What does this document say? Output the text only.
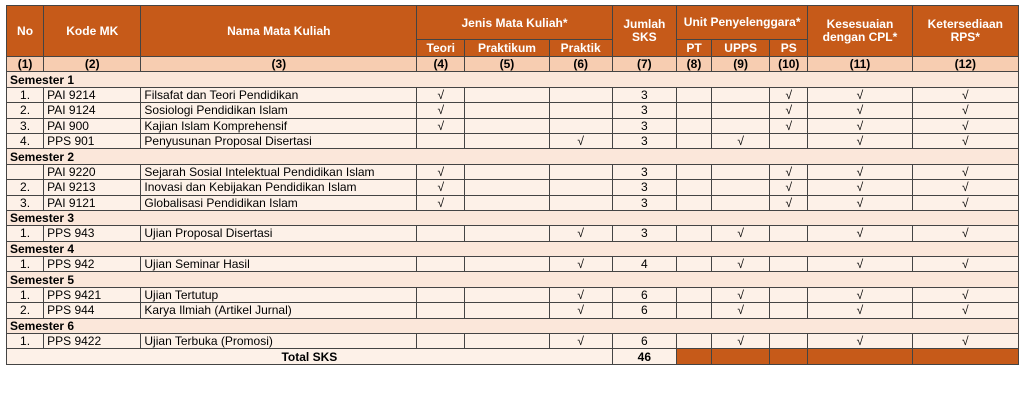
No	Kode MK	Nama Mata Kuliah	Jenis Mata Kuliah*			Jumlah SKS	Unit Penyelenggara*			Kesesuaian dengan CPL*	Ketersediaan RPS*
			Teori	Praktikum	Praktik		PT	UPPS	PS		
(1)	(2)	(3)	(4)	(5)	(6)	(7)	(8)	(9)	(10)	(11)	(12)
Semester 1											
1.	PAI 9214	Filsafat dan Teori Pendidikan	√			3			√	√	√
2.	PAI 9124	Sosiologi Pendidikan Islam	√			3			√	√	√
3.	PAI 900	Kajian Islam Komprehensif	√			3			√	√	√
4.	PPS 901	Penyusunan Proposal Disertasi			√	3		√		√	√
Semester 2											
	PAI 9220	Sejarah Sosial Intelektual Pendidikan Islam	√			3			√	√	√
2.	PAI 9213	Inovasi dan Kebijakan Pendidikan Islam	√			3			√	√	√
3.	PAI 9121	Globalisasi Pendidikan Islam	√			3			√	√	√
Semester 3											
1.	PPS 943	Ujian Proposal Disertasi			√	3		√		√	√
Semester 4											
1.	PPS 942	Ujian Seminar Hasil			√	4		√		√	√
Semester 5											
1.	PPS 9421	Ujian Tertutup			√	6		√		√	√
2.	PPS 944	Karya Ilmiah (Artikel Jurnal)			√	6		√		√	√
Semester 6											
1.	PPS 9422	Ujian Terbuka (Promosi)			√	6		√		√	√
Total SKS						46					
